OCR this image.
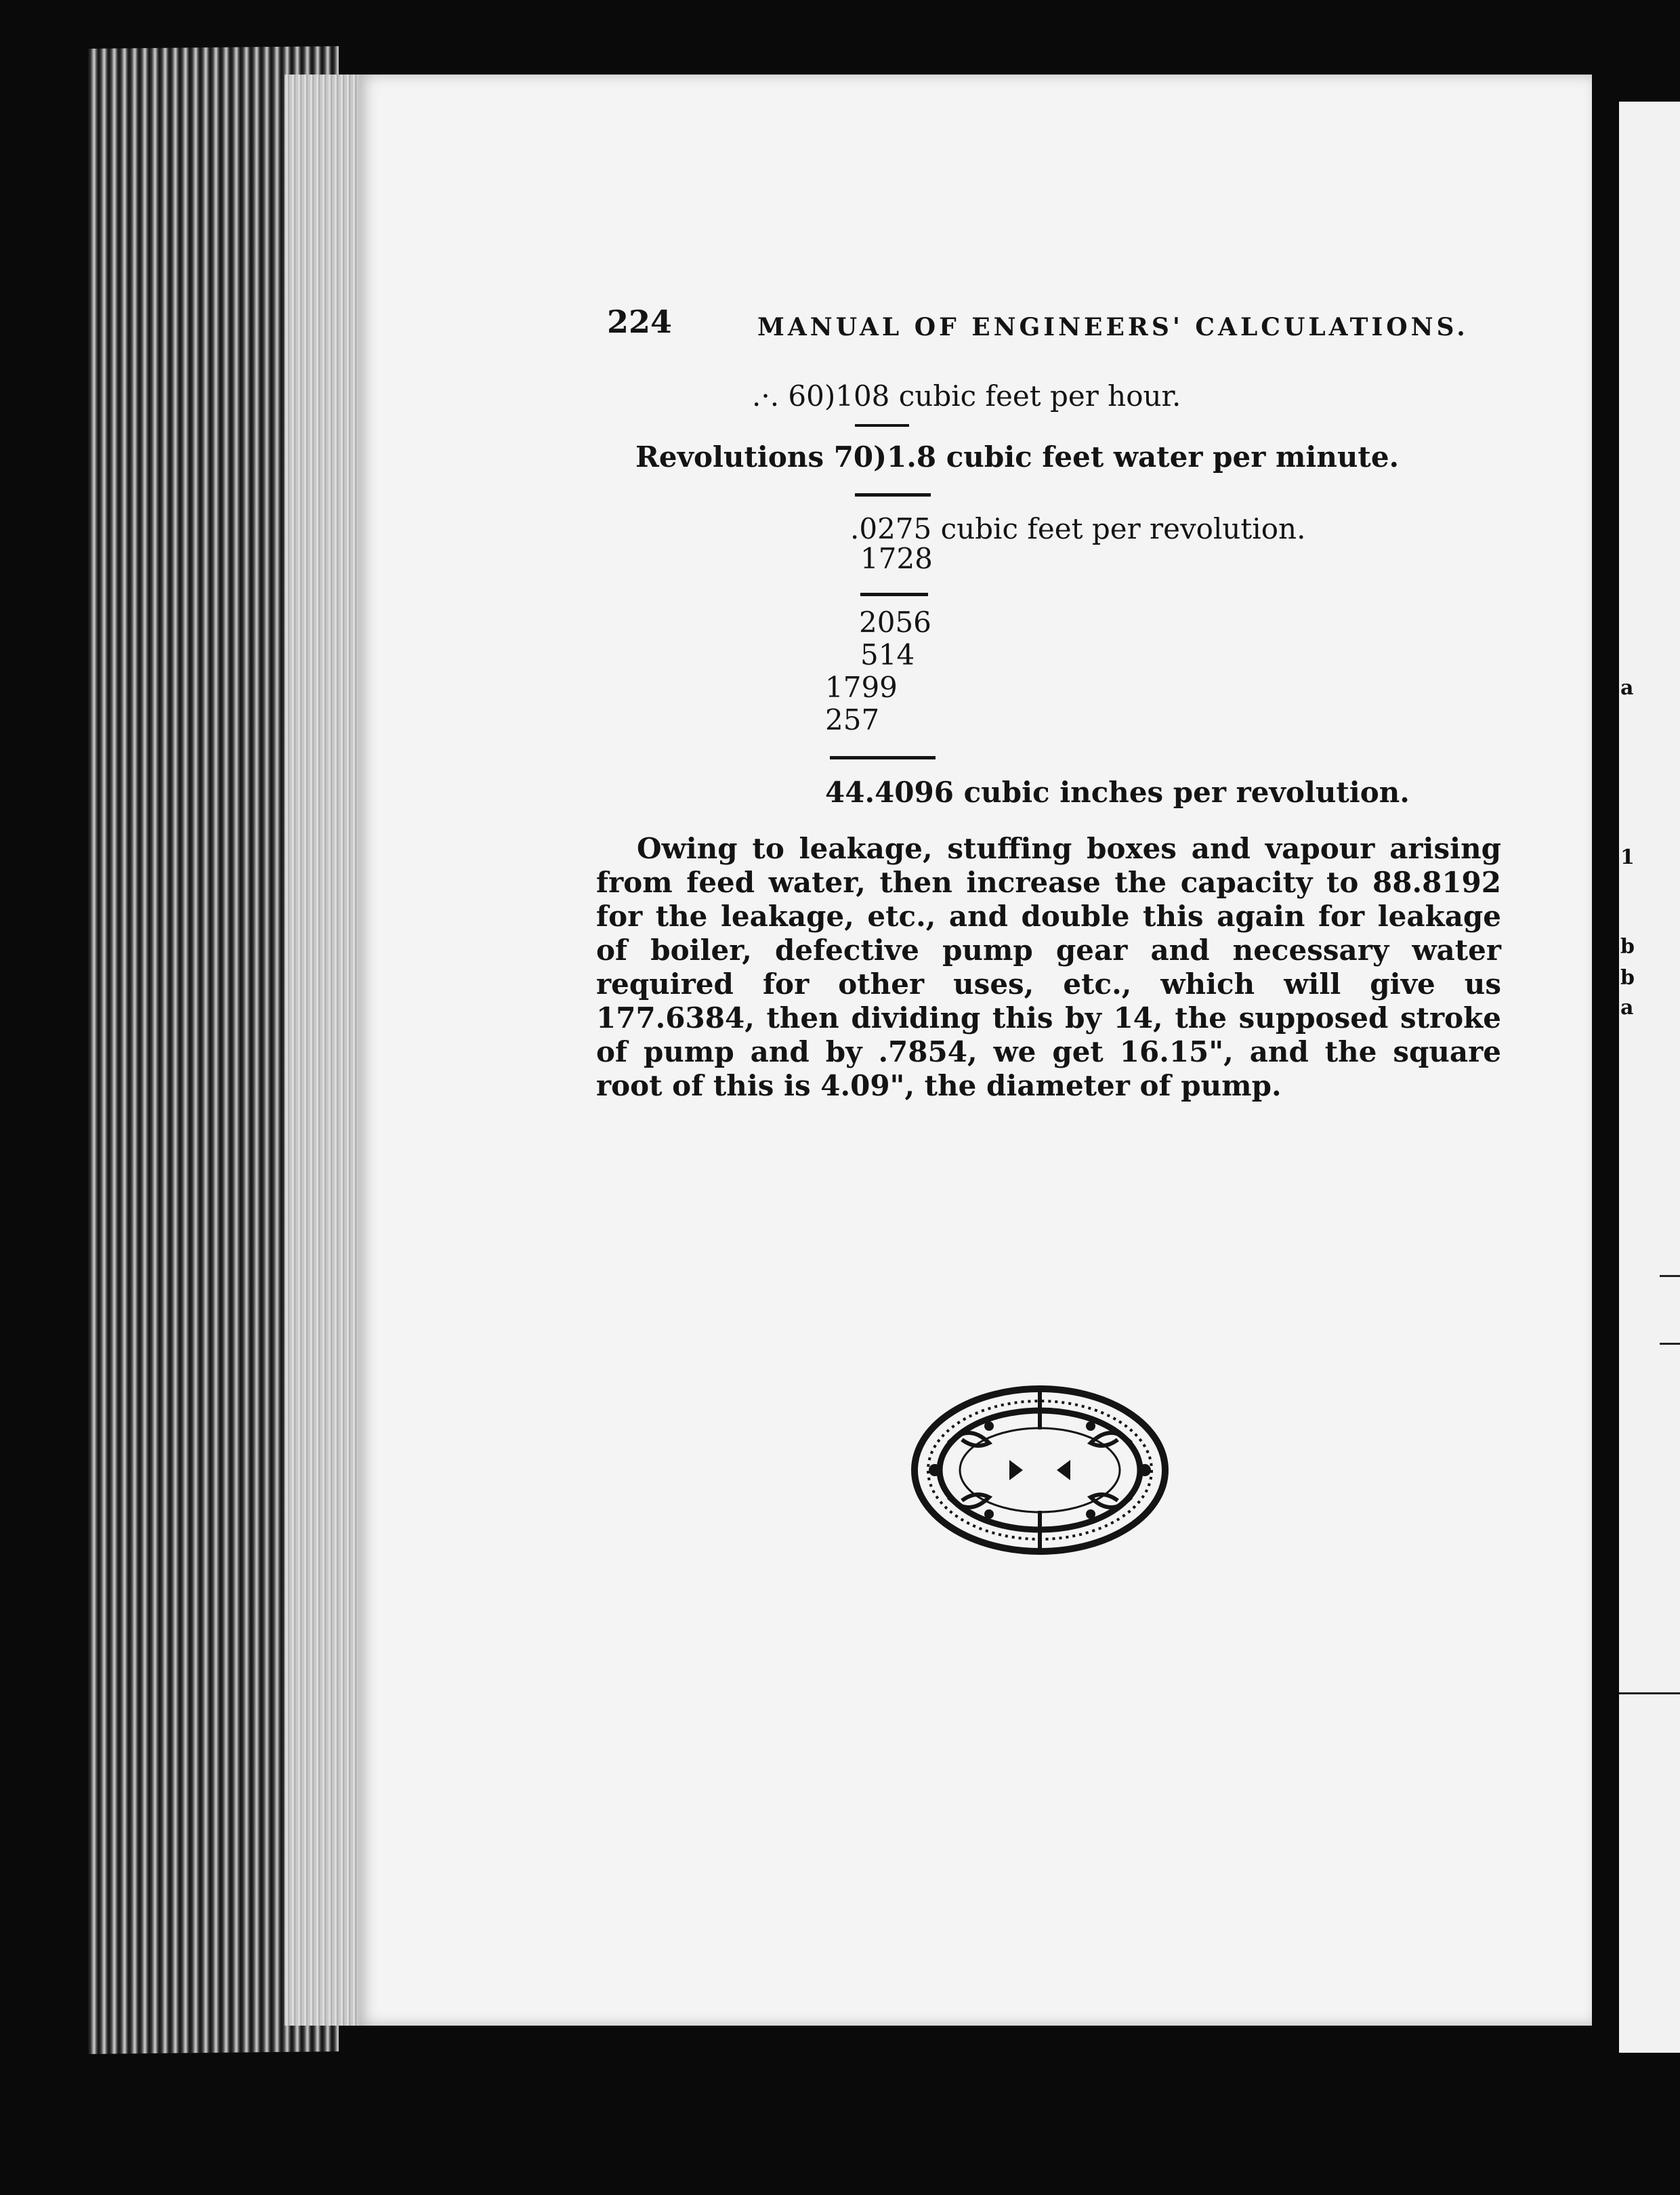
a
1
b
b
a
224	MANUAL OF ENGINEERS' CALCULATIONS.
.·. 60)108 cubic feet per hour.
Revolutions 70)1.8 cubic feet water per minute.
.0275 cubic feet per revolution.
1728
2056
514
1799
257
44.4096 cubic inches per revolution.

Owing to leakage, stuffing boxes and vapour arising from feed water, then increase the capacity to 88.8192 for the leakage, etc., and double this again for leakage of boiler, defective pump gear and necessary water required for other uses, etc., which will give us 177.6384, then dividing this by 14, the supposed stroke of pump and by .7854, we get 16.15", and the square root of this is 4.09", the diameter of pump.
